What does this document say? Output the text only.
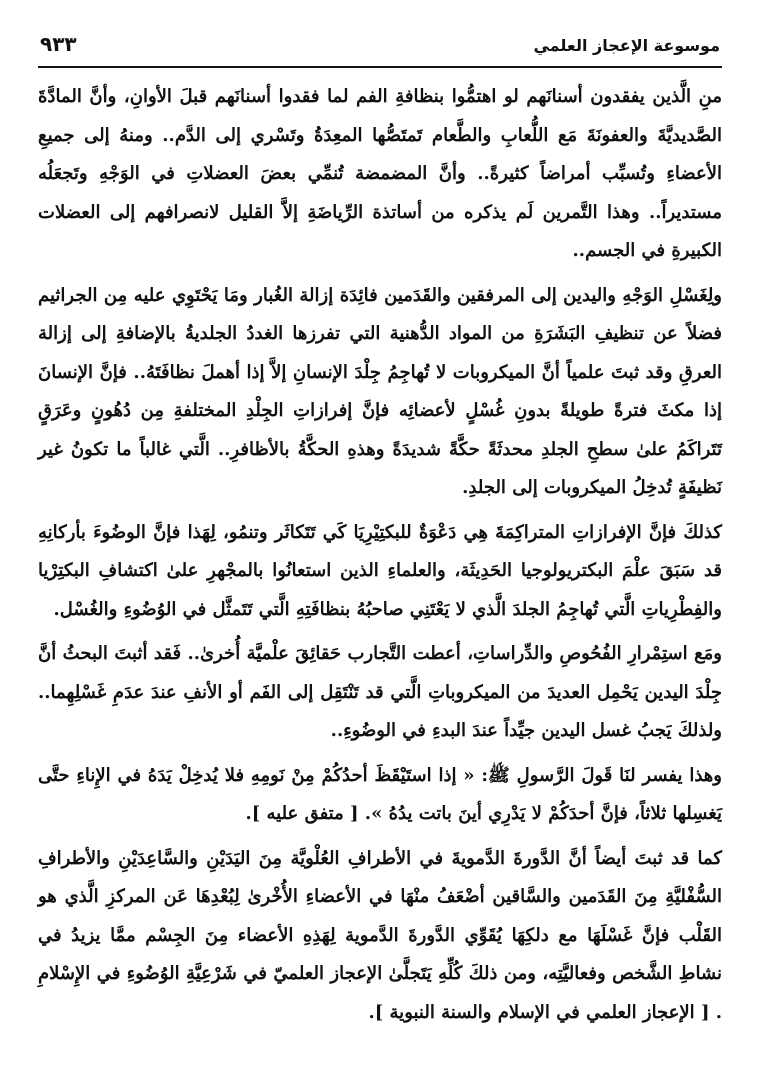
موسوعة الإعجاز العلمي
٩٣٣

منِ الَّذين يفقدون أسنانَهم لو اهتمُّوا بنظافةِ الفم لما فقدوا أسنانَهم قبلَ الأوانِ، وأنَّ المادَّةَ الصَّديديَّةَ والعفونَةَ مَع اللُّعابِ والطَّعام تَمتَصُّها المعِدَةُ وتَسْري إلى الدَّم.. ومنهُ إلى جميعِ الأعضاءِ وتُسبِّب أمراضاً كثيرةً.. وأنَّ المضمضة تُنمِّي بعضَ العضلاتِ في الوَجْهِ وتَجعَلُه مستديراً.. وهذا التَّمرين لَم يذكره من أساتذة الرِّياضَةِ إلاَّ القليل لانصرافهم إلى العضلات الكبيرةِ في الجسم..

ولِغَسْلِ الوَجْهِ واليدين إلى المرفقين والقَدَمين فائِدَة إزالة الغُبار ومَا يَحْتَوِي عليه مِن الجراثيم فضلاً عن تنظيفِ البَشَرَةِ من المواد الدُّهنية التي تفرزها الغددُ الجلديةُ بالإضافةِ إلى إزالة العرقِ وقد ثبتَ علمياً أنَّ الميكروبات لا تُهاجِمُ جِلْدَ الإنسانِ إلاَّ إذا أهملَ نظافَتَهُ.. فإنَّ الإنسانَ إذا مكثَ فترةً طويلةً بدونِ غُسْلٍ لأعضائِه فإنَّ إفرازاتِ الجِلْدِ المختلفةِ مِن دُهُونٍ وعَرَقٍ تَتَراكَمُ علىٰ سطحِ الجلدِ محدثَةً حكَّةً شديدَةً وهذهِ الحكَّةُ بالأظافرِ.. الَّتي غالباً ما تكونُ غير نَظيفَةٍ تُدخِلُ الميكروبات إلى الجلدِ.

كذلكَ فإنَّ الإفرازاتِ المتراكِمَةَ هِي دَعْوَةٌ للبكتِيْرِيَا كَي تَتَكاثَر وتنمُو، لِهَذا فإنَّ الوضُوءَ بأركانِهِ قد سَبَقَ علْمَ البكتريولوجيا الحَدِيثَة، والعلماءِ الذين استعانُوا بالمجْهرِ علىٰ اكتشافِ البكتِرْيا والفِطْرِياتِ الَّتي تُهاجِمُ الجلدَ الَّذي لا يَعْتَنِي صاحبُهُ بنظافَتِهِ الَّتي تَتَمثَّل في الوُضُوءِ والغُسْل.

ومَع استِمْرارِ الفُحُوصِ والدِّراساتِ، أعطت التَّجارب حَقائِقَ علْميَّة أُخرىٰ.. فَقد أثبتَ البحثُ أنَّ جِلْدَ اليدين يَحْمِل العديدَ من الميكروباتِ الَّتي قد تَنْتَقِل إلى الفَم أو الأنفِ عندَ عدَمِ غَسْلِهِما.. ولذلكَ يَجبُ غسل اليدين جيِّداً عندَ البدءِ في الوضُوءِ..

وهذا يفسر لنَا قَولَ الرَّسولِ ﷺ: « إذا استَيْقَظَ أحدُكُمْ مِنْ نَومِهِ فلا يُدخِلْ يَدَهُ في الإِناءِ حتَّى يَغسِلها ثلاثاً، فإنَّ أحدَكُمْ لا يَدْرِي أينَ باتت يدُهُ ». [ متفق عليه ].

كما قد ثبتَ أيضاً أنَّ الدَّورةَ الدَّمويةَ في الأطرافِ العُلْويَّة مِنَ اليَدَيْنِ والسَّاعِدَيْنِ والأطرافِ السُّفْليَّةِ مِنَ القَدَمين والسَّاقين أضْعَفُ منْهَا في الأعضاءِ الأُخْرىٰ لِبُعْدِهَا عَن المركزِ الَّذي هو القَلْب فإنَّ غَسْلَهَا مع دلكِهَا يُقَوِّي الدَّورةَ الدَّموية لِهَذِهِ الأعضاء مِنَ الجِسْم ممَّا يزيدُ في نشاطِ الشَّخص وفعاليَّتِه، ومن ذلكَ كُلِّهِ يَتَجلَّىٰ الإعجاز العلميّ في شَرْعِيَّةِ الوُضُوءِ في الإِسْلامِ . [ الإعجاز العلمي في الإسلام والسنة النبوية ].
